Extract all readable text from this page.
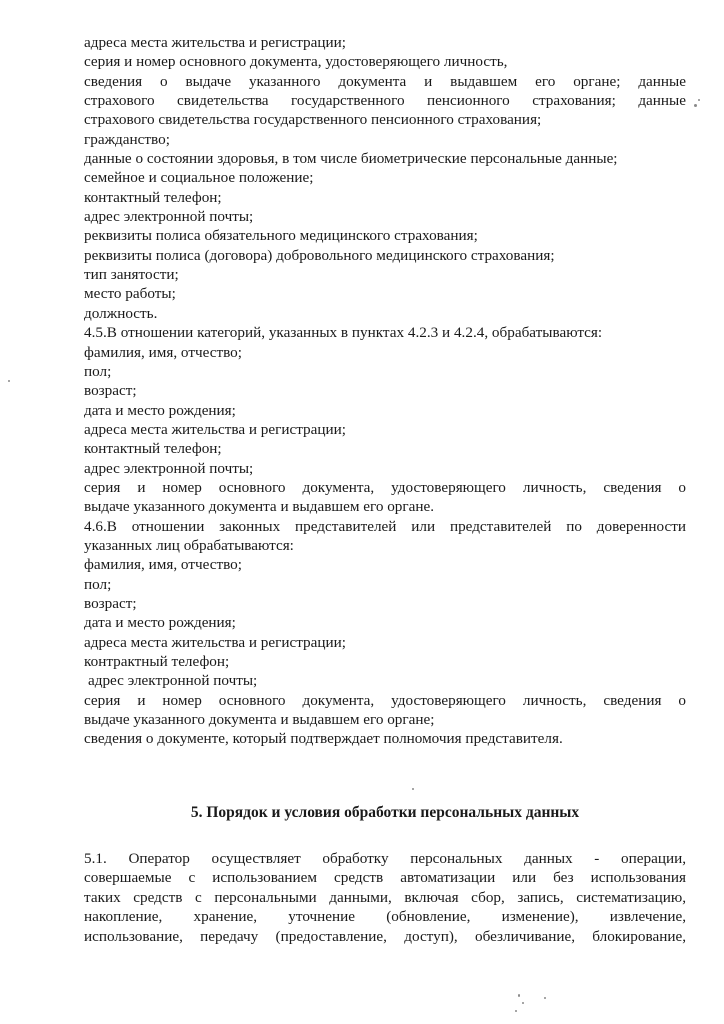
адреса места жительства и регистрации;
серия и номер основного документа, удостоверяющего личность,
сведения о выдаче указанного документа и выдавшем его органе; данные
страхового свидетельства государственного пенсионного страхования; данные
страхового свидетельства государственного пенсионного страхования;
гражданство;
данные о состоянии здоровья, в том числе биометрические персональные данные;
семейное и социальное положение;
контактный телефон;
адрес электронной почты;
реквизиты полиса обязательного медицинского страхования;
реквизиты полиса (договора) добровольного медицинского страхования;
тип занятости;
место работы;
должность.
4.5.В отношении категорий, указанных в пунктах 4.2.3 и 4.2.4, обрабатываются:
фамилия, имя, отчество;
пол;
возраст;
дата и место рождения;
адреса места жительства и регистрации;
контактный телефон;
адрес электронной почты;
серия и номер основного документа, удостоверяющего личность, сведения о
выдаче указанного документа и выдавшем его органе.
4.6.В отношении законных представителей или представителей по доверенности
указанных лиц обрабатываются:
фамилия, имя, отчество;
пол;
возраст;
дата и место рождения;
адреса места жительства и регистрации;
контрактный телефон;
адрес электронной почты;
серия и номер основного документа, удостоверяющего личность, сведения о
выдаче указанного документа и выдавшем его органе;
сведения о документе, который подтверждает полномочия представителя.
5. Порядок и условия обработки персональных данных
5.1. Оператор осуществляет обработку персональных данных - операции,
совершаемые с использованием средств автоматизации или без использования
таких средств с персональными данными, включая сбор, запись, систематизацию,
накопление, хранение, уточнение (обновление, изменение), извлечение,
использование, передачу (предоставление, доступ), обезличивание, блокирование,
